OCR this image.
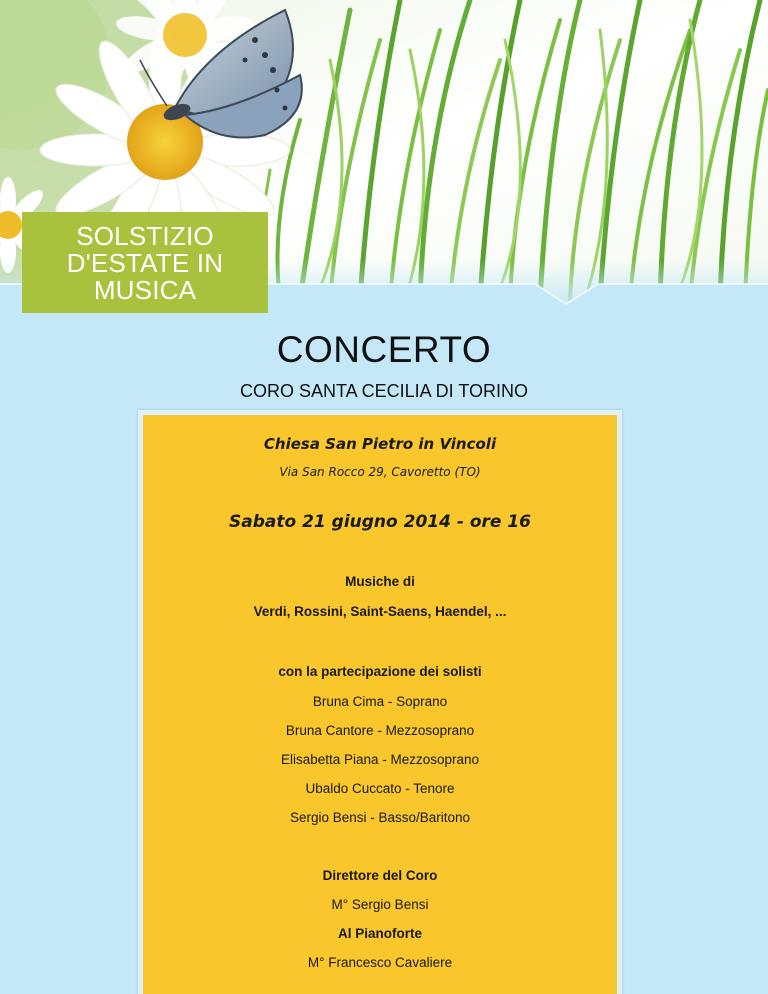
SOLSTIZIO
D'ESTATE IN
MUSICA
CONCERTO
CORO SANTA CECILIA DI TORINO
Chiesa San Pietro in Vincoli
Via San Rocco 29, Cavoretto (TO)
Sabato 21 giugno 2014 - ore 16
Musiche di
Verdi, Rossini, Saint-Saens, Haendel, ...
con la partecipazione dei solisti
Bruna Cima - Soprano
Bruna Cantore - Mezzosoprano
Elisabetta Piana - Mezzosoprano
Ubaldo Cuccato - Tenore
Sergio Bensi - Basso/Baritono
Direttore del Coro
M° Sergio Bensi
Al Pianoforte
M° Francesco Cavaliere
